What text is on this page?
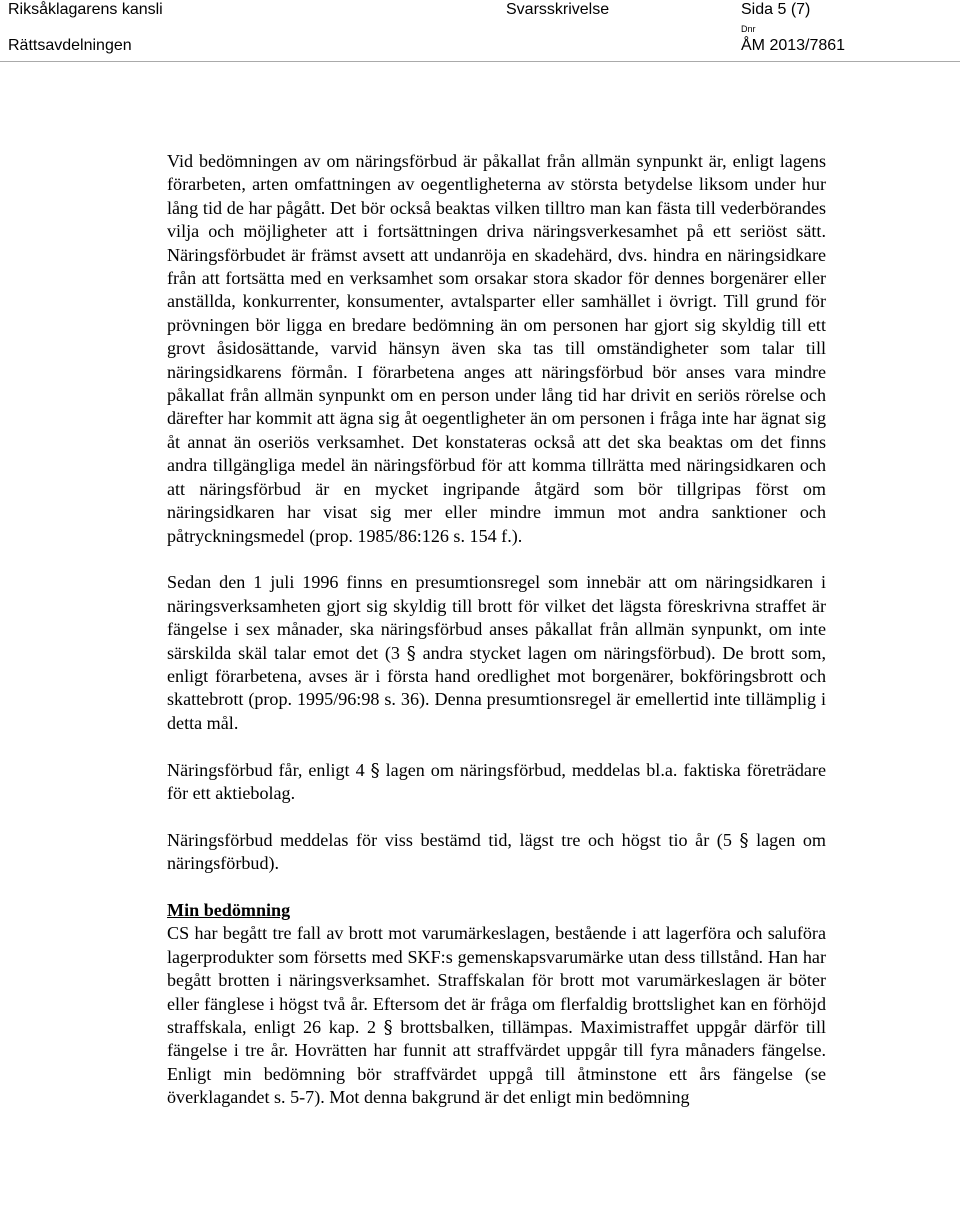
Riksåklagarens kansli
Rättsavdelningen
Svarsskrivelse	Sida 5 (7)
Dnr
ÅM 2013/7861

Vid bedömningen av om näringsförbud är påkallat från allmän synpunkt är, enligt lagens förarbeten, arten omfattningen av oegentligheterna av största betydelse liksom under hur lång tid de har pågått. Det bör också beaktas vilken tilltro man kan fästa till vederbörandes vilja och möjligheter att i fortsättningen driva näringsverkesamhet på ett seriöst sätt. Näringsförbudet är främst avsett att undanröja en skadehärd, dvs. hindra en näringsidkare från att fortsätta med en verksamhet som orsakar stora skador för dennes borgenärer eller anställda, konkurrenter, konsumenter, avtalsparter eller samhället i övrigt. Till grund för prövningen bör ligga en bredare bedömning än om personen har gjort sig skyldig till ett grovt åsidosättande, varvid hänsyn även ska tas till omständigheter som talar till näringsidkarens förmån. I förarbetena anges att näringsförbud bör anses vara mindre påkallat från allmän synpunkt om en person under lång tid har drivit en seriös rörelse och därefter har kommit att ägna sig åt oegentligheter än om personen i fråga inte har ägnat sig åt annat än oseriös verksamhet. Det konstateras också att det ska beaktas om det finns andra tillgängliga medel än näringsförbud för att komma tillrätta med näringsidkaren och att näringsförbud är en mycket ingripande åtgärd som bör tillgripas först om näringsidkaren har visat sig mer eller mindre immun mot andra sanktioner och påtryckningsmedel (prop. 1985/86:126 s. 154 f.).

Sedan den 1 juli 1996 finns en presumtionsregel som innebär att om näringsidkaren i näringsverksamheten gjort sig skyldig till brott för vilket det lägsta föreskrivna straffet är fängelse i sex månader, ska näringsförbud anses påkallat från allmän synpunkt, om inte särskilda skäl talar emot det (3 § andra stycket lagen om näringsförbud). De brott som, enligt förarbetena, avses är i första hand oredlighet mot borgenärer, bokföringsbrott och skattebrott (prop. 1995/96:98 s. 36). Denna presumtionsregel är emellertid inte tillämplig i detta mål.

Näringsförbud får, enligt 4 § lagen om näringsförbud, meddelas bl.a. faktiska företrädare för ett aktiebolag.

Näringsförbud meddelas för viss bestämd tid, lägst tre och högst tio år (5 § lagen om näringsförbud).

Min bedömning
CS har begått tre fall av brott mot varumärkeslagen, bestående i att lagerföra och saluföra lagerprodukter som försetts med SKF:s gemenskapsvarumärke utan dess tillstånd. Han har begått brotten i näringsverksamhet. Straffskalan för brott mot varumärkeslagen är böter eller fänglese i högst två år. Eftersom det är fråga om flerfaldig brottslighet kan en förhöjd straffskala, enligt 26 kap. 2 § brottsbalken, tillämpas. Maximistraffet uppgår därför till fängelse i tre år. Hovrätten har funnit att straffvärdet uppgår till fyra månaders fängelse. Enligt min bedömning bör straffvärdet uppgå till åtminstone ett års fängelse (se överklagandet s. 5-7). Mot denna bakgrund är det enligt min bedömning
